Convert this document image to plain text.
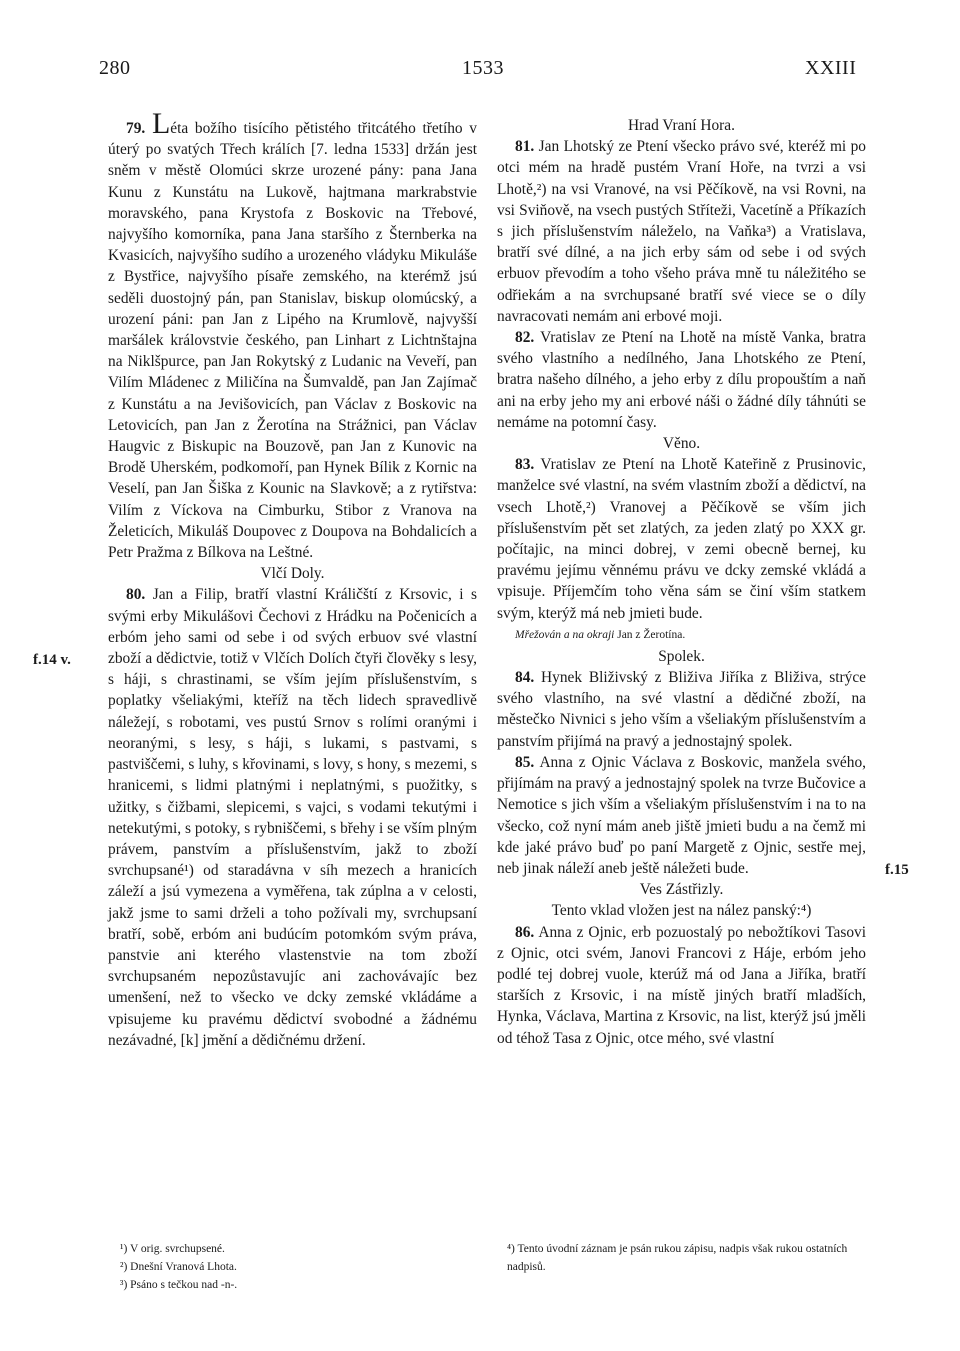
280	1533	XXIII
f.14 v.
f.15

79. Léta božího tisícího pětistého třitcátého třetího v úterý po svatých Třech králích [7. ledna 1533] držán jest sněm v městě Olomúci skrze urozené pány: pana Jana Kunu z Kunstátu na Lukově, hajtmana markrabstvie moravského, pana Krystofa z Boskovic na Třebové, najvyšího komorníka, pana Jana staršího z Šternberka na Kvasicích, najvyšího sudího a urozeného vládyku Mikuláše z Bystřice, najvyšího písaře zemského, na kterémž jsú seděli duostojný pán, pan Stanislav, biskup olomúcský, a urození páni: pan Jan z Lipého na Krumlově, najvyšší maršálek královstvie českého, pan Linhart z Lichtnštajna na Niklšpurce, pan Jan Rokytský z Ludanic na Veveří, pan Vilím Mládenec z Miličína na Šumvaldě, pan Jan Zajímač z Kunstátu a na Jevišovicích, pan Václav z Boskovic na Letovicích, pan Jan z Žerotína na Strážnici, pan Václav Haugvic z Biskupic na Bouzově, pan Jan z Kunovic na Brodě Uherském, podkomoří, pan Hynek Bílik z Kornic na Veselí, pan Jan Šiška z Kounic na Slavkově; a z rytiřstva: Vilím z Víckova na Cimburku, Stibor z Vranova na Želeticích, Mikuláš Doupovec z Doupova na Bohdalicích a Petr Pražma z Bílkova na Leštné.

Vlčí Doly.

80. Jan a Filip, bratří vlastní Králičští z Krsovic, i s svými erby Mikulášovi Čechovi z Hrádku na Počenicích a erbóm jeho sami od sebe i od svých erbuov své vlastní zboží a dědictvie, totiž v Vlčích Dolích čtyři člověky s lesy, s háji, s chrastinami, se vším jejím příslušenstvím, s poplatky všeliakými, kteříž na těch lidech spravedlivě náležejí, s robotami, ves pustú Srnov s rolími oranými i neoranými, s lesy, s háji, s lukami, s pastvami, s pastviščemi, s luhy, s křovinami, s lovy, s hony, s mezemi, s hranicemi, s lidmi platnými i neplatnými, s puožitky, s užitky, s čižbami, slepicemi, s vajci, s vodami tekutými i netekutými, s potoky, s rybniščemi, s břehy i se vším plným právem, panstvím a příslušenstvím, jakž to zboží svrchupsané¹) od staradávna v síh mezech a hranicích záleží a jsú vymezena a vyměřena, tak zúplna a v celosti, jakž jsme to sami drželi a toho požívali my, svrchupsaní bratří, sobě, erbóm ani budúcím potomkóm svým práva, panstvie ani kterého vlastenstvie na tom zboží svrchupsaném nepozůstavujíc ani zachovávajíc bez umenšení, než to všecko ve dcky zemské vkládáme a vpisujeme ku pravému dědictví svobodné a žádnému nezávadné, [k] jmění a dědičnému držení.

Hrad Vraní Hora.

81. Jan Lhotský ze Ptení všecko právo své, kteréž mi po otci mém na hradě pustém Vraní Hoře, na tvrzi a vsi Lhotě,²) na vsi Vranové, na vsi Pěčíkově, na vsi Rovni, na vsi Sviňově, na vsech pustých Stříteži, Vacetíně a Příkazích s jich příslušenstvím náleželo, na Vaňka³) a Vratislava, bratří své dílné, a na jich erby sám od sebe i od svých erbuov převodím a toho všeho práva mně tu náležitého se odřiekám a na svrchupsané bratří své viece se o díly navracovati nemám ani erbové moji.

82. Vratislav ze Ptení na Lhotě na místě Vanka, bratra svého vlastního a nedílného, Jana Lhotského ze Ptení, bratra našeho dílného, a jeho erby z dílu propouštím a naň ani na erby jeho my ani erbové náši o žádné díly táhnúti se nemáme na potomní časy.

Věno.

83. Vratislav ze Ptení na Lhotě Kateřině z Prusinovic, manželce své vlastní, na svém vlastním zboží a dědictví, na vsech Lhotě,²) Vranovej a Pěčíkově se vším jich příslušenstvím pět set zlatých, za jeden zlatý po XXX gr. počítajic, na minci dobrej, v zemi obecně bernej, ku pravému jejímu věnnému právu ve dcky zemské vkládá a vpisuje. Příjemčím toho věna sám se činí vším statkem svým, kterýž má neb jmieti bude.

Mřežován a na okraji Jan z Žerotína.

Spolek.

84. Hynek Bliživský z Bliživa Jiříka z Bliživa, strýce svého vlastního, na své vlastní a dědičné zboží, na městečko Nivnici s jeho vším a všeliakým příslušenstvím a panstvím přijímá na pravý a jednostajný spolek.

85. Anna z Ojnic Václava z Boskovic, manžela svého, přijímám na pravý a jednostajný spolek na tvrze Bučovice a Nemotice s jich vším a všeliakým příslušenstvím i na to na všecko, což nyní mám aneb jiště jmieti budu a na čemž mi kde jaké právo buď po paní Margetě z Ojnic, sestře mej, neb jinak náleží aneb ještě náležeti bude.

Ves Zástřizly.

Tento vklad vložen jest na nález panský:⁴)

86. Anna z Ojnic, erb pozuostalý po nebožtíkovi Tasovi z Ojnic, otci svém, Janovi Francovi z Háje, erbóm jeho podlé tej dobrej vuole, kterúž má od Jana a Jiříka, bratří starších z Krsovic, i na místě jiných bratří mladších, Hynka, Václava, Martina z Krsovic, na list, kterýž jsú jměli od téhož Tasa z Ojnic, otce mého, své vlastní

¹) V orig. svrchupsené.
²) Dnešní Vranová Lhota.
³) Psáno s tečkou nad -n-.
⁴) Tento úvodní záznam je psán rukou zápisu, nadpis však rukou ostatních nadpisů.
